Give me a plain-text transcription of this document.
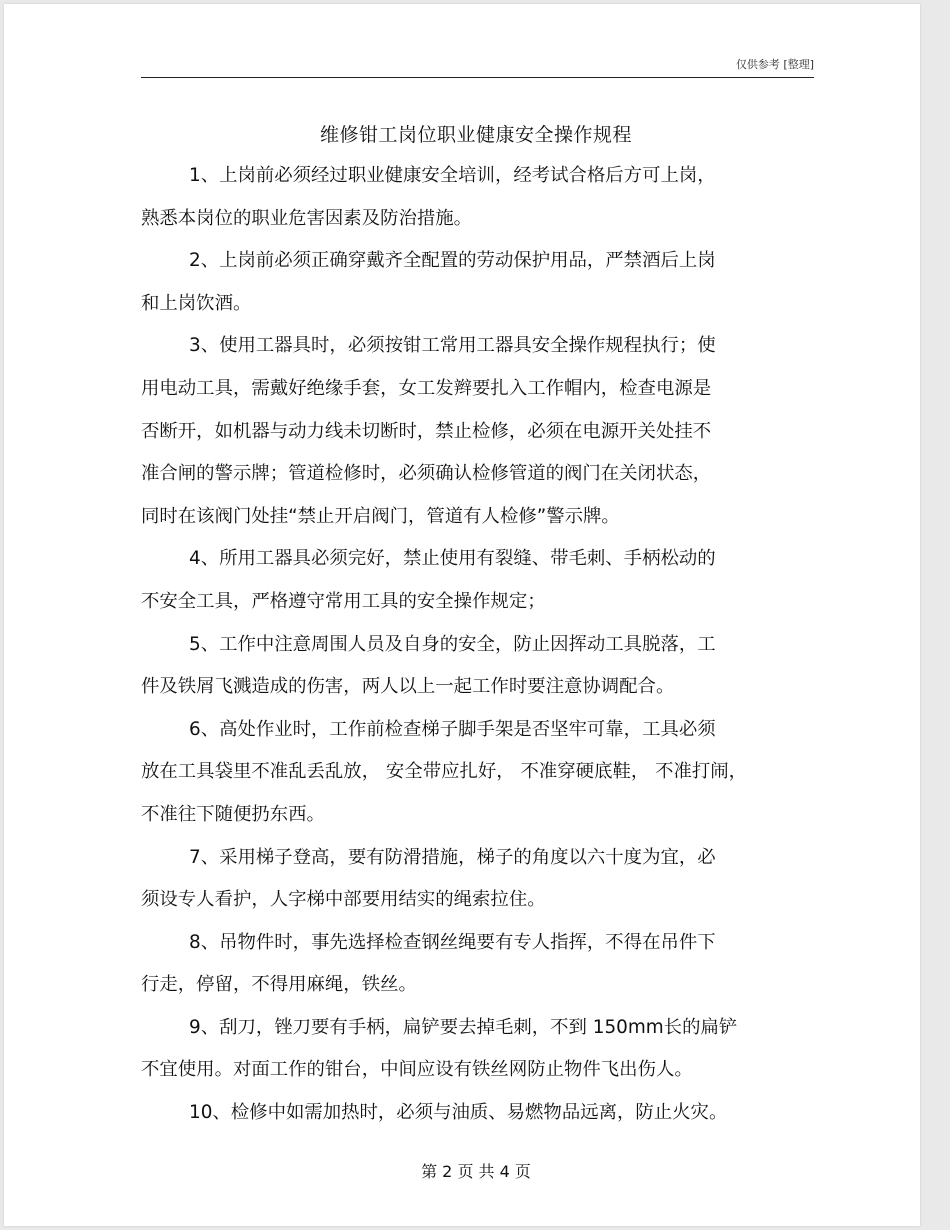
仅供参考 [整理]
维修钳工岗位职业健康安全操作规程
1、上岗前必须经过职业健康安全培训，经考试合格后方可上岗，
熟悉本岗位的职业危害因素及防治措施。
2、上岗前必须正确穿戴齐全配置的劳动保护用品，严禁酒后上岗
和上岗饮酒。
3、使用工器具时，必须按钳工常用工器具安全操作规程执行；使
用电动工具，需戴好绝缘手套，女工发辫要扎入工作帽内，检查电源是
否断开，如机器与动力线未切断时，禁止检修，必须在电源开关处挂不
准合闸的警示牌；管道检修时，必须确认检修管道的阀门在关闭状态，
同时在该阀门处挂“禁止开启阀门，管道有人检修”警示牌。
4、所用工器具必须完好，禁止使用有裂缝、带毛刺、手柄松动的
不安全工具，严格遵守常用工具的安全操作规定；
5、工作中注意周围人员及自身的安全，防止因挥动工具脱落，工
件及铁屑飞溅造成的伤害，两人以上一起工作时要注意协调配合。
6、高处作业时，工作前检查梯子脚手架是否坚牢可靠，工具必须
放在工具袋里不准乱丢乱放， 安全带应扎好， 不准穿硬底鞋， 不准打闹，
不准往下随便扔东西。
7、采用梯子登高，要有防滑措施，梯子的角度以六十度为宜，必
须设专人看护，人字梯中部要用结实的绳索拉住。
8、吊物件时，事先选择检查钢丝绳要有专人指挥，不得在吊件下
行走，停留，不得用麻绳，铁丝。
9、刮刀，锉刀要有手柄，扁铲要去掉毛刺，不到 150mm长的扁铲
不宜使用。对面工作的钳台，中间应设有铁丝网防止物件飞出伤人。
10、检修中如需加热时，必须与油质、易燃物品远离，防止火灾。
第 2 页 共 4 页
